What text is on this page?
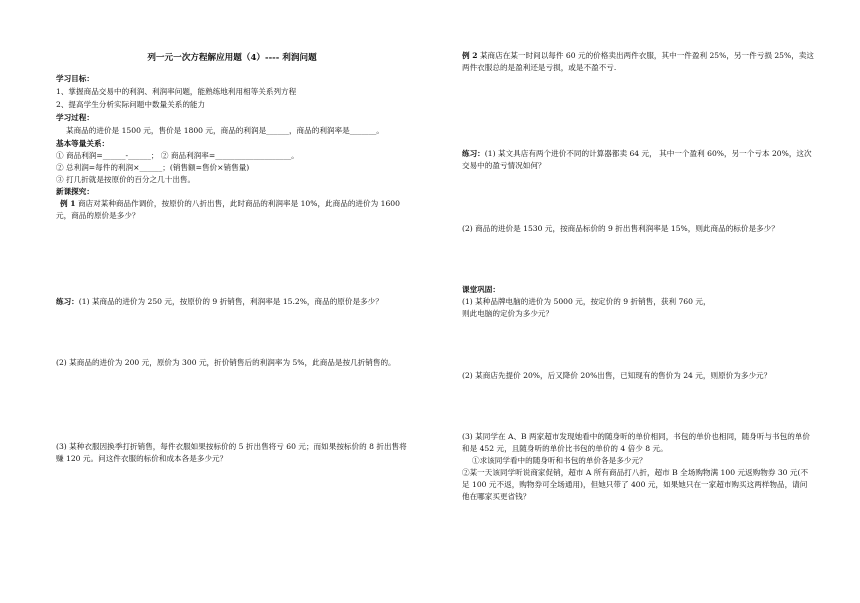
列一元一次方程解应用题（4）---- 利润问题
学习目标：
1、掌握商品交易中的利润、利润率问题，能熟练地利用相等关系列方程
2、提高学生分析实际问题中数量关系的能力
学习过程：
某商品的进价是 1500 元，售价是 1800 元，商品的利润是______，商品的利润率是_______。
基本等量关系：
① 商品利润=______-______； ② 商品利润率=____________________。
② 总利润=每件的利润×______；(销售额=售价×销售量)
③ 打几折就是按原价的百分之几十出售。
新课探究：
例 1 商店对某种商品作调价，按原价的八折出售，此时商品的利润率是 10%，此商品的进价为 1600 元，商品的原价是多少？
练习：(1) 某商品的进价为 250 元，按原价的 9 折销售，利润率是 15.2%，商品的原价是多少？
(2) 某商品的进价为 200 元，原价为 300 元，折价销售后的利润率为 5%，此商品是按几折销售的。
(3) 某种衣服因换季打折销售，每件衣服如果按标价的 5 折出售将亏 60 元；而如果按标价的 8 折出售将赚 120 元。问这件衣服的标价和成本各是多少元？
例 2 某商店在某一时间以每件 60 元的价格卖出两件衣服，其中一件盈利 25%，另一件亏损 25%，卖这两件衣服总的是盈利还是亏损，或是不盈不亏.
练习：(1) 某文具店有两个进价不同的计算器都卖 64 元， 其中一个盈利 60%，另一个亏本 20%，这次交易中的盈亏情况如何？
(2) 商品的进价是 1530 元，按商品标价的 9 折出售利润率是 15%，则此商品的标价是多少？
课堂巩固：
(1) 某种品牌电脑的进价为 5000 元，按定价的 9 折销售，获利 760 元，
则此电脑的定价为多少元？
(2) 某商店先提价 20%，后又降价 20%出售，已知现有的售价为 24 元，则原价为多少元？
(3) 某同学在 A、B 两家超市发现她看中的随身听的单价相同，书包的单价也相同，随身听与书包的单价和是 452 元，且随身听的单价比书包的单价的 4 倍少 8 元。
①求该同学看中的随身听和书包的单价各是多少元？
②某一天该同学听说商家促销，超市 A 所有商品打八折，超市 B 全场购物满 100 元返购物券 30 元(不足 100 元不返，购物券可全场通用)，但她只带了 400 元，如果她只在一家超市购买这两样物品，请问他在哪家买更省钱？
